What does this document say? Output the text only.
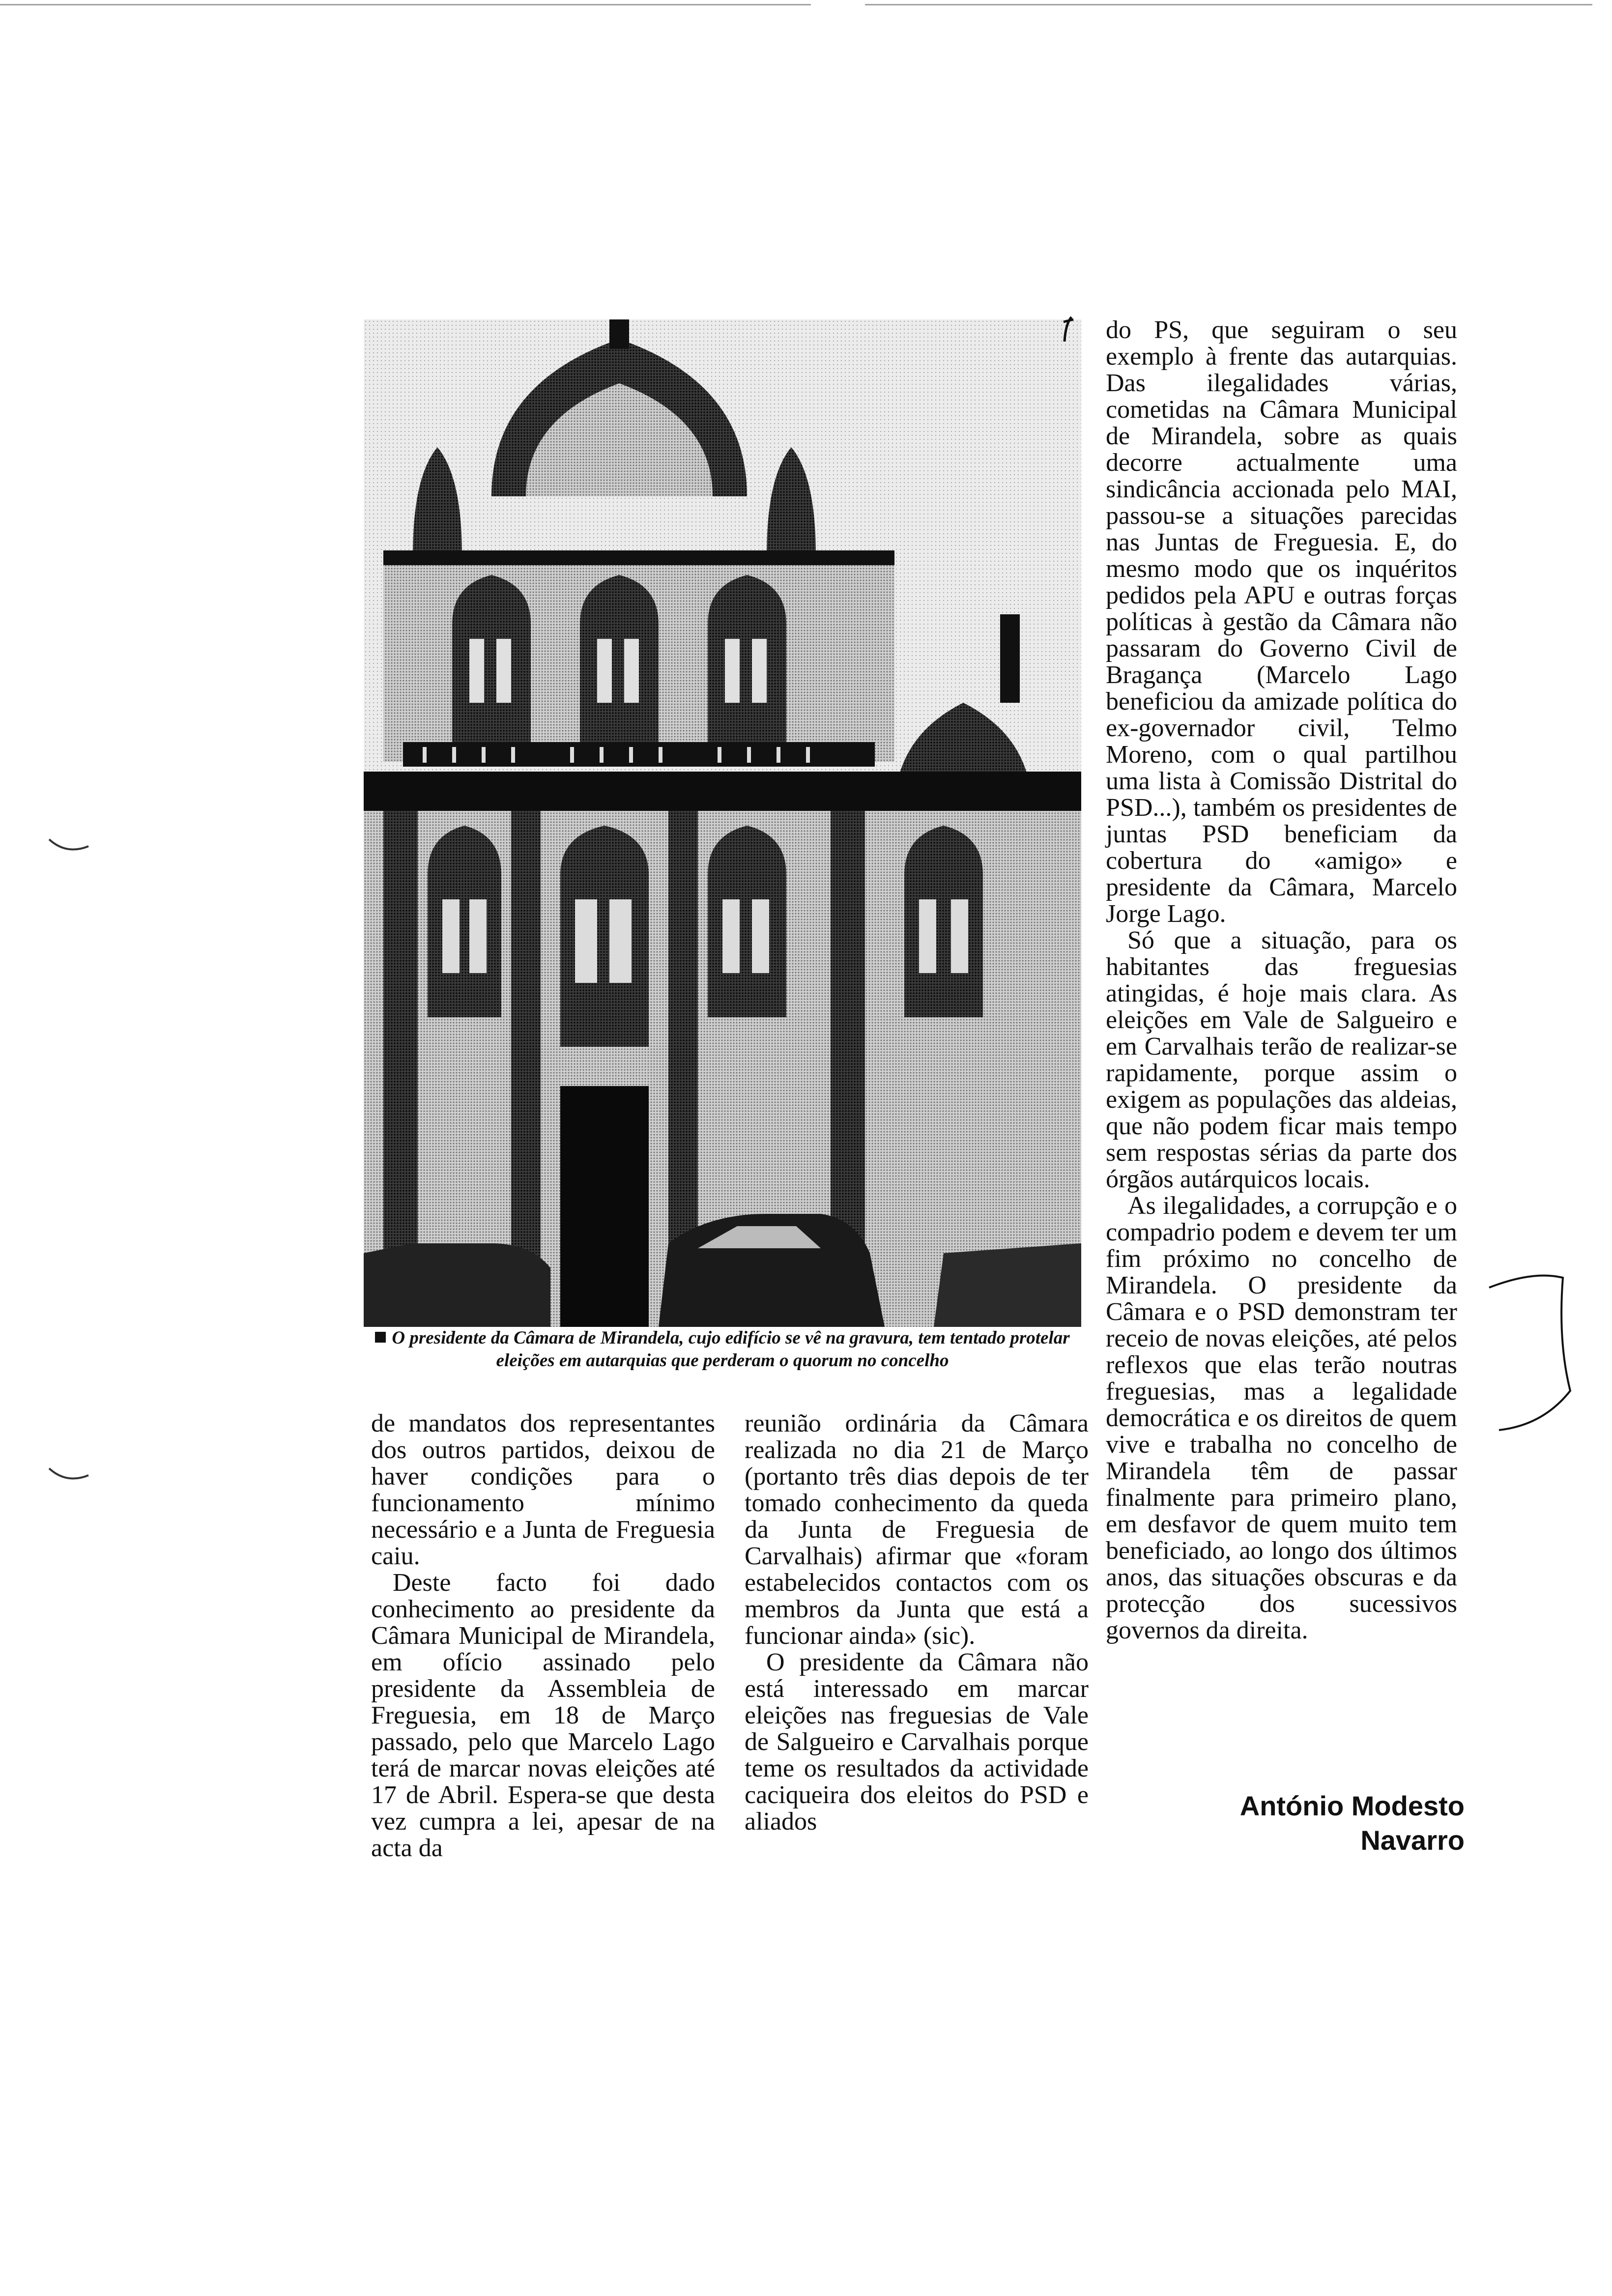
O presidente da Câmara de Mirandela, cujo edifício se vê na gravura, tem tentado protelar eleições em autarquias que perderam o quorum no concelho

de mandatos dos representantes dos outros partidos, deixou de haver condições para o funcionamento mínimo necessário e a Junta de Freguesia caiu.

Deste facto foi dado conhecimento ao presidente da Câmara Municipal de Mirandela, em ofício assinado pelo presidente da Assembleia de Freguesia, em 18 de Março passado, pelo que Marcelo Lago terá de marcar novas eleições até 17 de Abril. Espera-se que desta vez cumpra a lei, apesar de na acta da

reunião ordinária da Câmara realizada no dia 21 de Março (portanto três dias depois de ter tomado conhecimento da queda da Junta de Freguesia de Carvalhais) afirmar que «foram estabelecidos contactos com os membros da Junta que está a funcionar ainda» (sic).

O presidente da Câmara não está interessado em marcar eleições nas freguesias de Vale de Salgueiro e Carvalhais porque teme os resultados da actividade caciqueira dos eleitos do PSD e aliados

do PS, que seguiram o seu exemplo à frente das autarquias. Das ilegalidades várias, cometidas na Câmara Municipal de Mirandela, sobre as quais decorre actualmente uma sindicância accionada pelo MAI, passou-se a situações parecidas nas Juntas de Freguesia. E, do mesmo modo que os inquéritos pedidos pela APU e outras forças políticas à gestão da Câmara não passaram do Governo Civil de Bragança (Marcelo Lago beneficiou da amizade política do ex-governador civil, Telmo Moreno, com o qual partilhou uma lista à Comissão Distrital do PSD...), também os presidentes de juntas PSD beneficiam da cobertura do «amigo» e presidente da Câmara, Marcelo Jorge Lago.

Só que a situação, para os habitantes das freguesias atingidas, é hoje mais clara. As eleições em Vale de Salgueiro e em Carvalhais terão de realizar-se rapidamente, porque assim o exigem as populações das aldeias, que não podem ficar mais tempo sem respostas sérias da parte dos órgãos autárquicos locais.

As ilegalidades, a corrupção e o compadrio podem e devem ter um fim próximo no concelho de Mirandela. O presidente da Câmara e o PSD demonstram ter receio de novas eleições, até pelos reflexos que elas terão noutras freguesias, mas a legalidade democrática e os direitos de quem vive e trabalha no concelho de Mirandela têm de passar finalmente para primeiro plano, em desfavor de quem muito tem beneficiado, ao longo dos últimos anos, das situações obscuras e da protecção dos sucessivos governos da direita.

António Modesto
Navarro
